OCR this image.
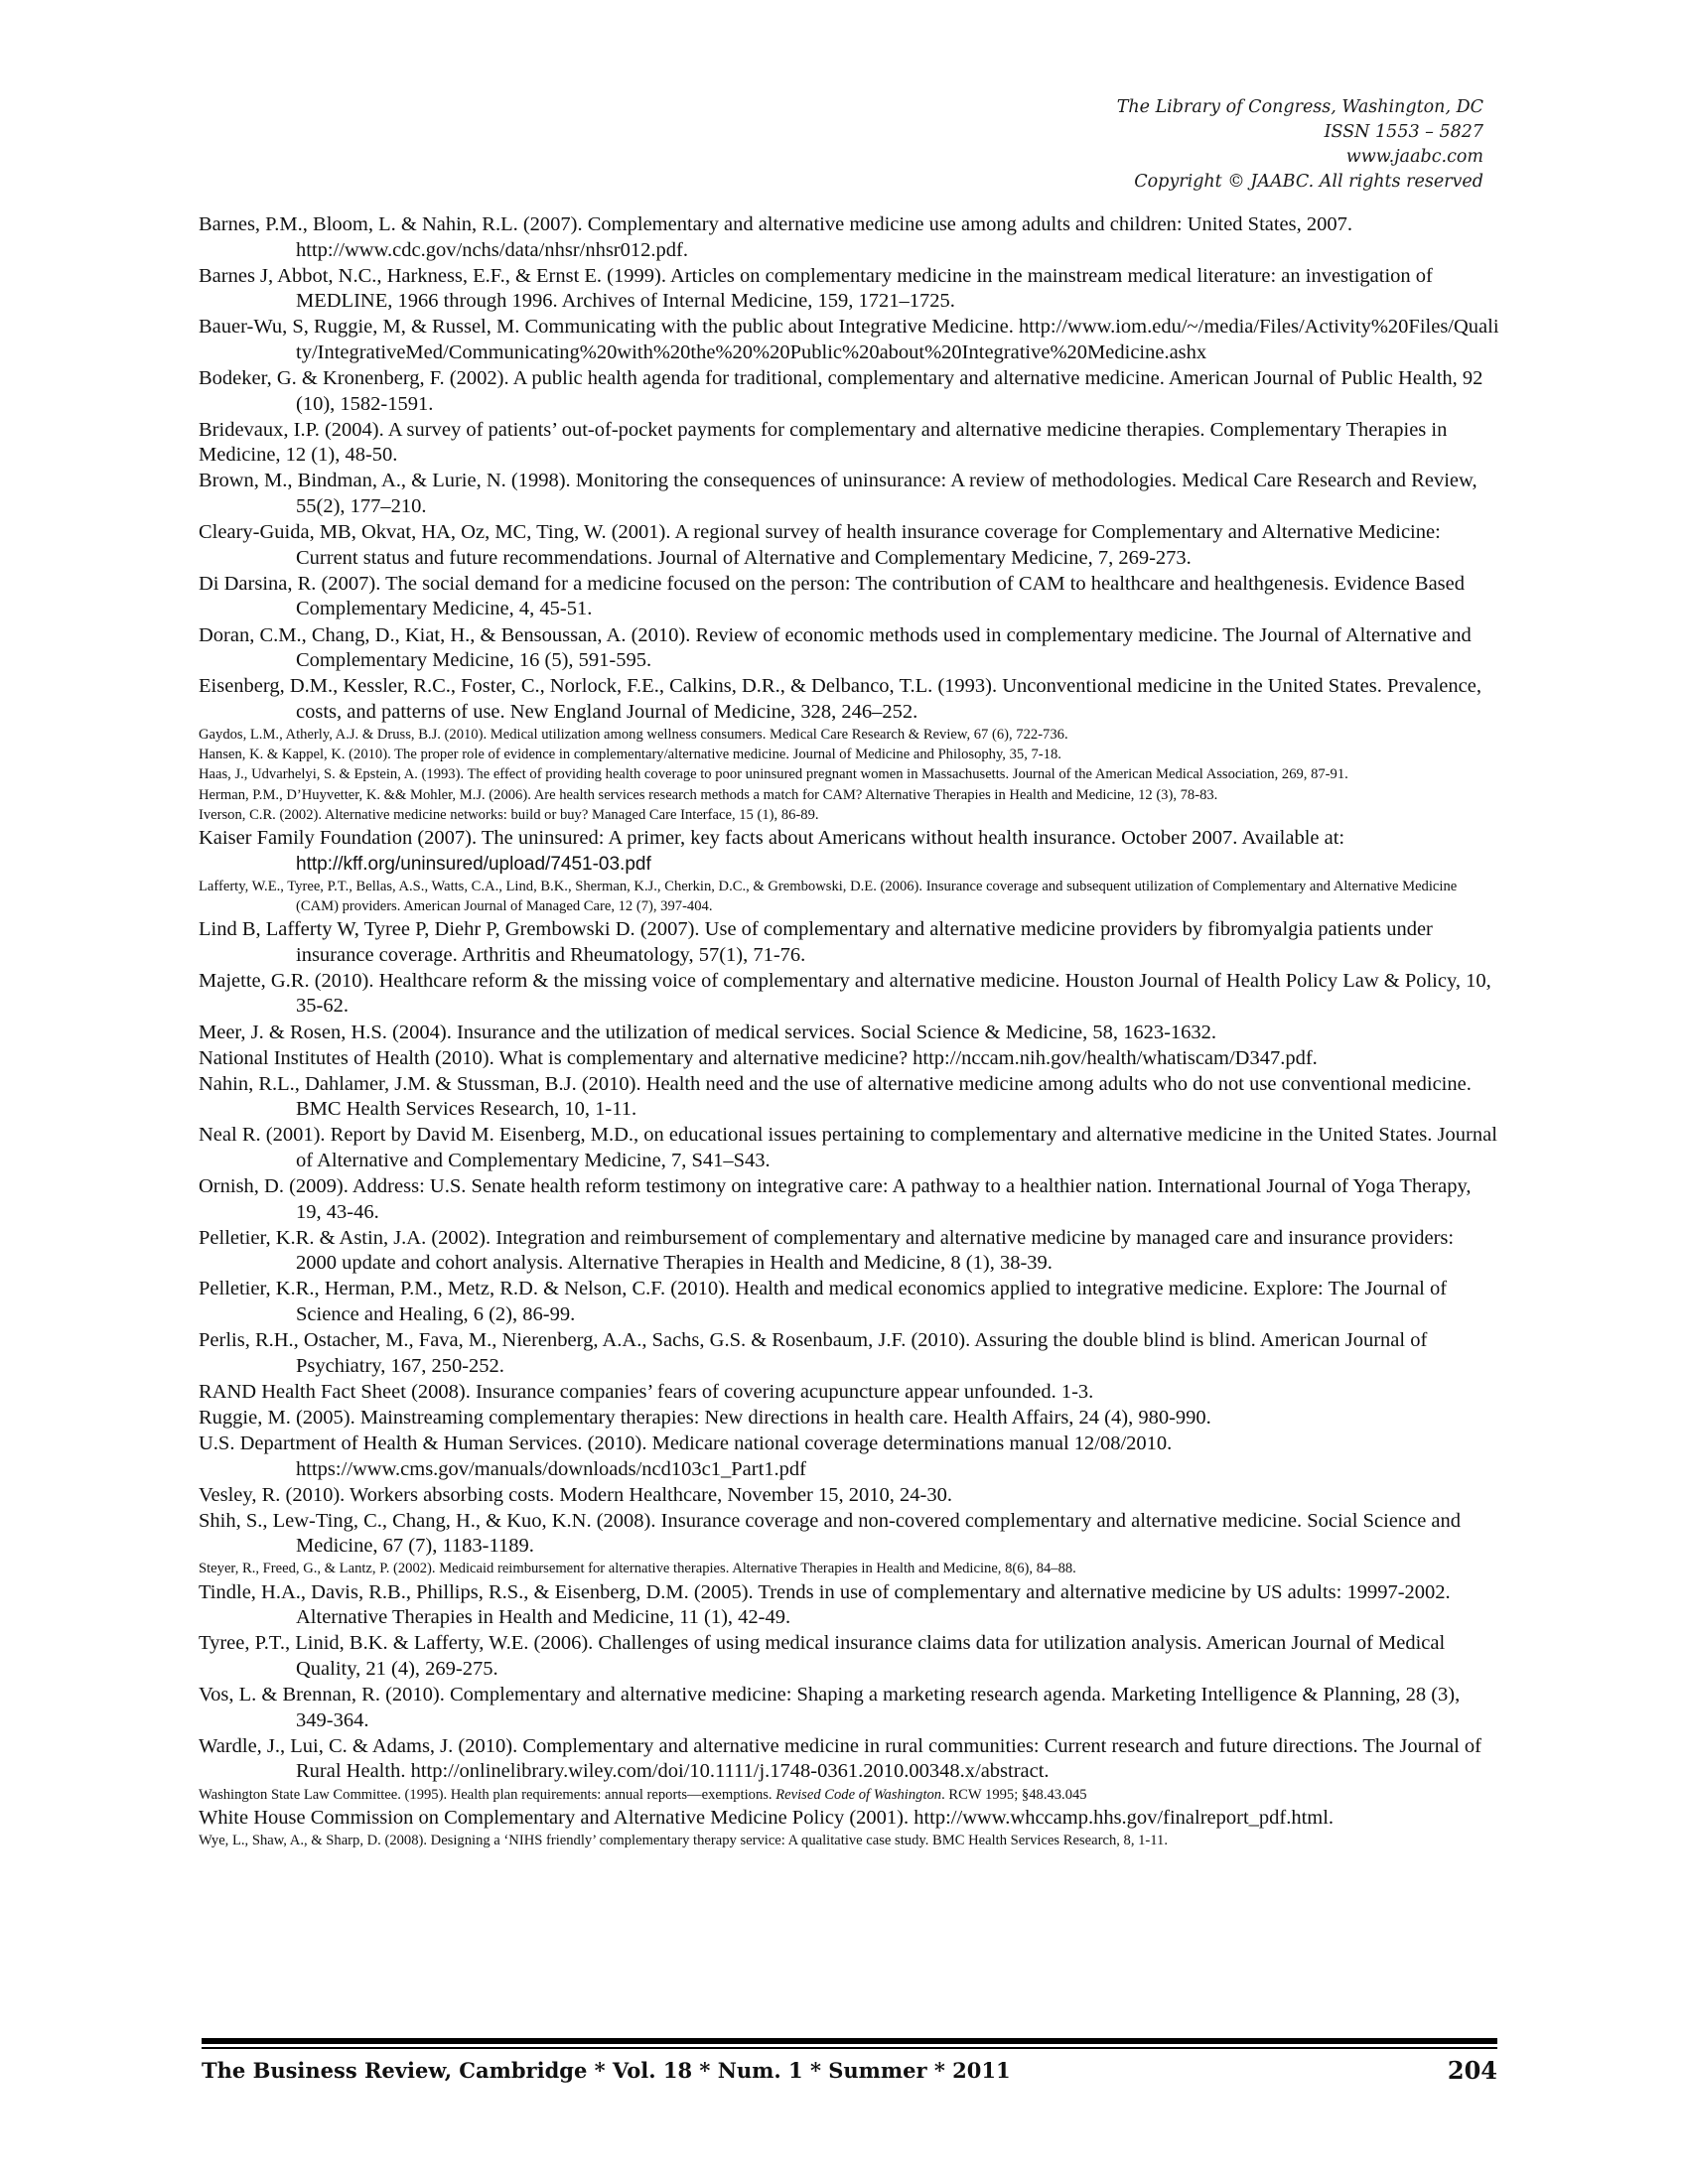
The Library of Congress, Washington, DC
ISSN 1553 – 5827
www.jaabc.com
Copyright © JAABC. All rights reserved
Barnes, P.M., Bloom, L. & Nahin, R.L. (2007). Complementary and alternative medicine use among adults and children: United States, 2007. http://www.cdc.gov/nchs/data/nhsr/nhsr012.pdf.
Barnes J, Abbot, N.C., Harkness, E.F., & Ernst E. (1999). Articles on complementary medicine in the mainstream medical literature: an investigation of MEDLINE, 1966 through 1996. Archives of Internal Medicine, 159, 1721–1725.
Bauer-Wu, S, Ruggie, M, & Russel, M. Communicating with the public about Integrative Medicine. http://www.iom.edu/~/media/Files/Activity%20Files/Quality/IntegrativeMed/Communicating%20with%20the%20%20Public%20about%20Integrative%20Medicine.ashx
Bodeker, G. & Kronenberg, F. (2002). A public health agenda for traditional, complementary and alternative medicine. American Journal of Public Health, 92 (10), 1582-1591.
Bridevaux, I.P. (2004). A survey of patients’ out-of-pocket payments for complementary and alternative medicine therapies. Complementary Therapies in Medicine, 12 (1), 48-50.
Brown, M., Bindman, A., & Lurie, N. (1998). Monitoring the consequences of uninsurance: A review of methodologies. Medical Care Research and Review, 55(2), 177–210.
Cleary-Guida, MB, Okvat, HA, Oz, MC, Ting, W. (2001). A regional survey of health insurance coverage for Complementary and Alternative Medicine: Current status and future recommendations. Journal of Alternative and Complementary Medicine, 7, 269-273.
Di Darsina, R. (2007). The social demand for a medicine focused on the person: The contribution of CAM to healthcare and healthgenesis. Evidence Based Complementary Medicine, 4, 45-51.
Doran, C.M., Chang, D., Kiat, H., & Bensoussan, A. (2010). Review of economic methods used in complementary medicine. The Journal of Alternative and Complementary Medicine, 16 (5), 591-595.
Eisenberg, D.M., Kessler, R.C., Foster, C., Norlock, F.E., Calkins, D.R., & Delbanco, T.L. (1993). Unconventional medicine in the United States. Prevalence, costs, and patterns of use. New England Journal of Medicine, 328, 246–252.
Gaydos, L.M., Atherly, A.J. & Druss, B.J. (2010). Medical utilization among wellness consumers. Medical Care Research & Review, 67 (6), 722-736.
Hansen, K. & Kappel, K. (2010). The proper role of evidence in complementary/alternative medicine. Journal of Medicine and Philosophy, 35, 7-18.
Haas, J., Udvarhelyi, S. & Epstein, A. (1993). The effect of providing health coverage to poor uninsured pregnant women in Massachusetts. Journal of the American Medical Association, 269, 87-91.
Herman, P.M., D’Huyvetter, K. && Mohler, M.J. (2006). Are health services research methods a match for CAM? Alternative Therapies in Health and Medicine, 12 (3), 78-83.
Iverson, C.R. (2002). Alternative medicine networks: build or buy? Managed Care Interface, 15 (1), 86-89.
Kaiser Family Foundation (2007). The uninsured: A primer, key facts about Americans without health insurance. October 2007. Available at: http://kff.org/uninsured/upload/7451-03.pdf
Lafferty, W.E., Tyree, P.T., Bellas, A.S., Watts, C.A., Lind, B.K., Sherman, K.J., Cherkin, D.C., & Grembowski, D.E. (2006). Insurance coverage and subsequent utilization of Complementary and Alternative Medicine (CAM) providers. American Journal of Managed Care, 12 (7), 397-404.
Lind B, Lafferty W, Tyree P, Diehr P, Grembowski D. (2007). Use of complementary and alternative medicine providers by fibromyalgia patients under insurance coverage. Arthritis and Rheumatology, 57(1), 71-76.
Majette, G.R. (2010). Healthcare reform & the missing voice of complementary and alternative medicine. Houston Journal of Health Policy Law & Policy, 10, 35-62.
Meer, J. & Rosen, H.S. (2004). Insurance and the utilization of medical services. Social Science & Medicine, 58, 1623-1632.
National Institutes of Health (2010). What is complementary and alternative medicine? http://nccam.nih.gov/health/whatiscam/D347.pdf.
Nahin, R.L., Dahlamer, J.M. & Stussman, B.J. (2010). Health need and the use of alternative medicine among adults who do not use conventional medicine. BMC Health Services Research, 10, 1-11.
Neal R. (2001). Report by David M. Eisenberg, M.D., on educational issues pertaining to complementary and alternative medicine in the United States. Journal of Alternative and Complementary Medicine, 7, S41–S43.
Ornish, D. (2009). Address: U.S. Senate health reform testimony on integrative care: A pathway to a healthier nation. International Journal of Yoga Therapy, 19, 43-46.
Pelletier, K.R. & Astin, J.A. (2002). Integration and reimbursement of complementary and alternative medicine by managed care and insurance providers: 2000 update and cohort analysis. Alternative Therapies in Health and Medicine, 8 (1), 38-39.
Pelletier, K.R., Herman, P.M., Metz, R.D. & Nelson, C.F. (2010). Health and medical economics applied to integrative medicine. Explore: The Journal of Science and Healing, 6 (2), 86-99.
Perlis, R.H., Ostacher, M., Fava, M., Nierenberg, A.A., Sachs, G.S. & Rosenbaum, J.F. (2010). Assuring the double blind is blind. American Journal of Psychiatry, 167, 250-252.
RAND Health Fact Sheet (2008). Insurance companies’ fears of covering acupuncture appear unfounded. 1-3.
Ruggie, M. (2005). Mainstreaming complementary therapies: New directions in health care. Health Affairs, 24 (4), 980-990.
U.S. Department of Health & Human Services. (2010). Medicare national coverage determinations manual 12/08/2010. https://www.cms.gov/manuals/downloads/ncd103c1_Part1.pdf
Vesley, R. (2010). Workers absorbing costs. Modern Healthcare, November 15, 2010, 24-30.
Shih, S., Lew-Ting, C., Chang, H., & Kuo, K.N. (2008). Insurance coverage and non-covered complementary and alternative medicine. Social Science and Medicine, 67 (7), 1183-1189.
Steyer, R., Freed, G., & Lantz, P. (2002). Medicaid reimbursement for alternative therapies. Alternative Therapies in Health and Medicine, 8(6), 84–88.
Tindle, H.A., Davis, R.B., Phillips, R.S., & Eisenberg, D.M. (2005). Trends in use of complementary and alternative medicine by US adults: 19997-2002. Alternative Therapies in Health and Medicine, 11 (1), 42-49.
Tyree, P.T., Linid, B.K. & Lafferty, W.E. (2006). Challenges of using medical insurance claims data for utilization analysis. American Journal of Medical Quality, 21 (4), 269-275.
Vos, L. & Brennan, R. (2010). Complementary and alternative medicine: Shaping a marketing research agenda. Marketing Intelligence & Planning, 28 (3), 349-364.
Wardle, J., Lui, C. & Adams, J. (2010). Complementary and alternative medicine in rural communities: Current research and future directions. The Journal of Rural Health. http://onlinelibrary.wiley.com/doi/10.1111/j.1748-0361.2010.00348.x/abstract.
Washington State Law Committee. (1995). Health plan requirements: annual reports—exemptions. Revised Code of Washington. RCW 1995; §48.43.045
White House Commission on Complementary and Alternative Medicine Policy (2001). http://www.whccamp.hhs.gov/finalreport_pdf.html.
Wye, L., Shaw, A., & Sharp, D. (2008). Designing a ‘NIHS friendly’ complementary therapy service: A qualitative case study. BMC Health Services Research, 8, 1-11.
The Business Review, Cambridge * Vol. 18 * Num. 1 * Summer * 2011	204
